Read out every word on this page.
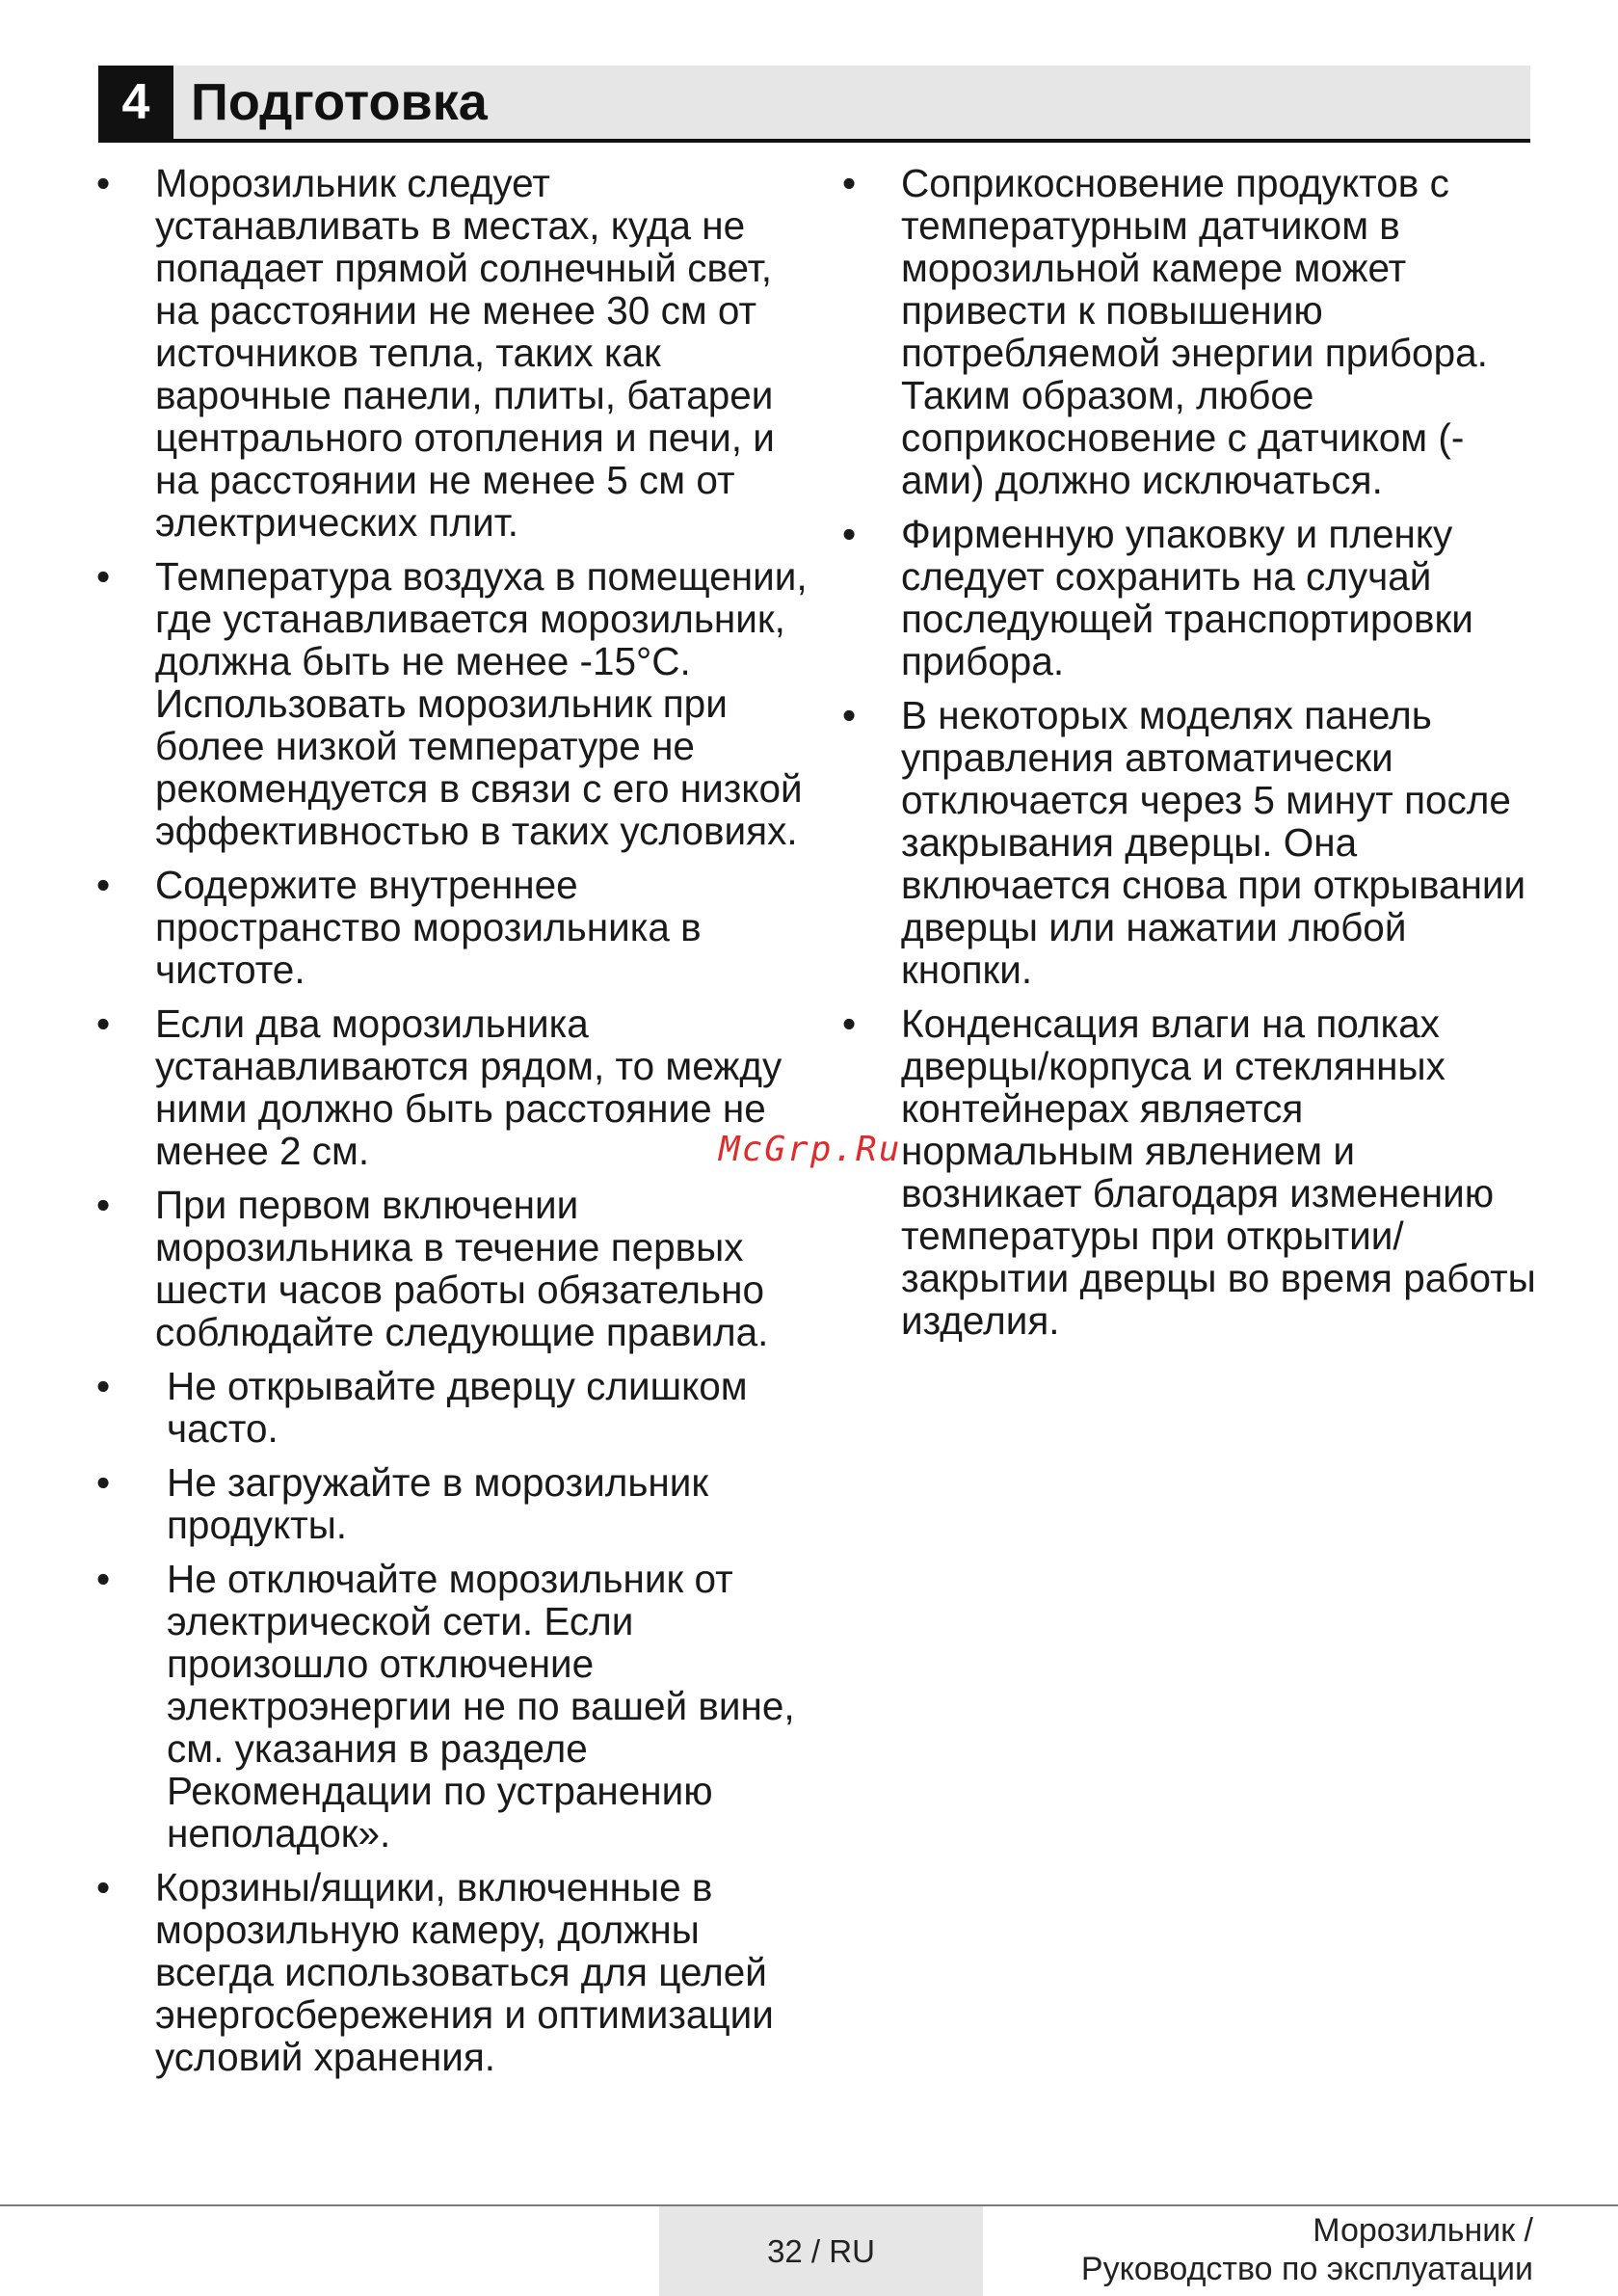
4 Подготовка
• Морозильник следует устанавливать в местах, куда не попадает прямой солнечный свет, на расстоянии не менее 30 см от источников тепла, таких как варочные панели, плиты, батареи центрального отопления и печи, и на расстоянии не менее 5 см от электрических плит.
• Температура воздуха в помещении, где устанавливается морозильник, должна быть не менее -15°C. Использовать морозильник при более низкой температуре не рекомендуется в связи с его низкой эффективностью в таких условиях.
• Содержите внутреннее пространство морозильника в чистоте.
• Если два морозильника устанавливаются рядом, то между ними должно быть расстояние не менее 2 см.
• При первом включении морозильника в течение первых шести часов работы обязательно соблюдайте следующие правила.
• Не открывайте дверцу слишком часто.
• Не загружайте в морозильник продукты.
• Не отключайте морозильник от электрической сети. Если произошло отключение электроэнергии не по вашей вине, см. указания в разделе Рекомендации по устранению неполадок».
• Корзины/ящики, включенные в морозильную камеру, должны всегда использоваться для целей энергосбережения и оптимизации условий хранения.
• Соприкосновение продуктов с температурным датчиком в морозильной камере может привести к повышению потребляемой энергии прибора. Таким образом, любое соприкосновение с датчиком (-ами) должно исключаться.
• Фирменную упаковку и пленку следует сохранить на случай последующей транспортировки прибора.
• В некоторых моделях панель управления автоматически отключается через 5 минут после закрывания дверцы. Она включается снова при открывании дверцы или нажатии любой кнопки.
• Конденсация влаги на полках дверцы/корпуса и стеклянных контейнерах является нормальным явлением и возникает благодаря изменению температуры при открытии/ закрытии дверцы во время работы изделия.
McGrp.Ru
32 / RU
Морозильник /
Руководство по эксплуатации
